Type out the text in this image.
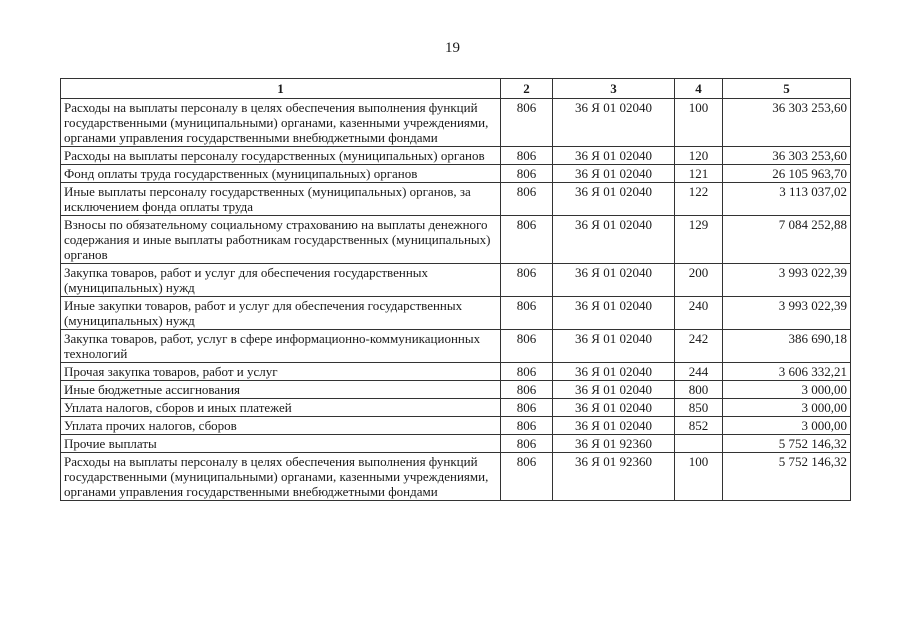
19
1	2	3	4	5
Расходы на выплаты персоналу в целях обеспечения выполнения функций государственными (муниципальными) органами, казенными учреждениями, органами управления государственными внебюджетными фондами	806	36 Я 01 02040	100	36 303 253,60
Расходы на выплаты персоналу государственных (муниципальных) органов	806	36 Я 01 02040	120	36 303 253,60
Фонд оплаты труда государственных (муниципальных) органов	806	36 Я 01 02040	121	26 105 963,70
Иные выплаты персоналу государственных (муниципальных) органов, за исключением фонда оплаты труда	806	36 Я 01 02040	122	3 113 037,02
Взносы по обязательному социальному страхованию на выплаты денежного содержания и иные выплаты работникам государственных (муниципальных) органов	806	36 Я 01 02040	129	7 084 252,88
Закупка товаров, работ и услуг для обеспечения государственных (муниципальных) нужд	806	36 Я 01 02040	200	3 993 022,39
Иные закупки товаров, работ и услуг для обеспечения государственных (муниципальных) нужд	806	36 Я 01 02040	240	3 993 022,39
Закупка товаров, работ, услуг в сфере информационно-коммуникационных технологий	806	36 Я 01 02040	242	386 690,18
Прочая закупка товаров, работ и услуг	806	36 Я 01 02040	244	3 606 332,21
Иные бюджетные ассигнования	806	36 Я 01 02040	800	3 000,00
Уплата налогов, сборов и иных платежей	806	36 Я 01 02040	850	3 000,00
Уплата прочих налогов, сборов	806	36 Я 01 02040	852	3 000,00
Прочие выплаты	806	36 Я 01 92360		5 752 146,32
Расходы на выплаты персоналу в целях обеспечения выполнения функций государственными (муниципальными) органами, казенными учреждениями, органами управления государственными внебюджетными фондами	806	36 Я 01 92360	100	5 752 146,32
